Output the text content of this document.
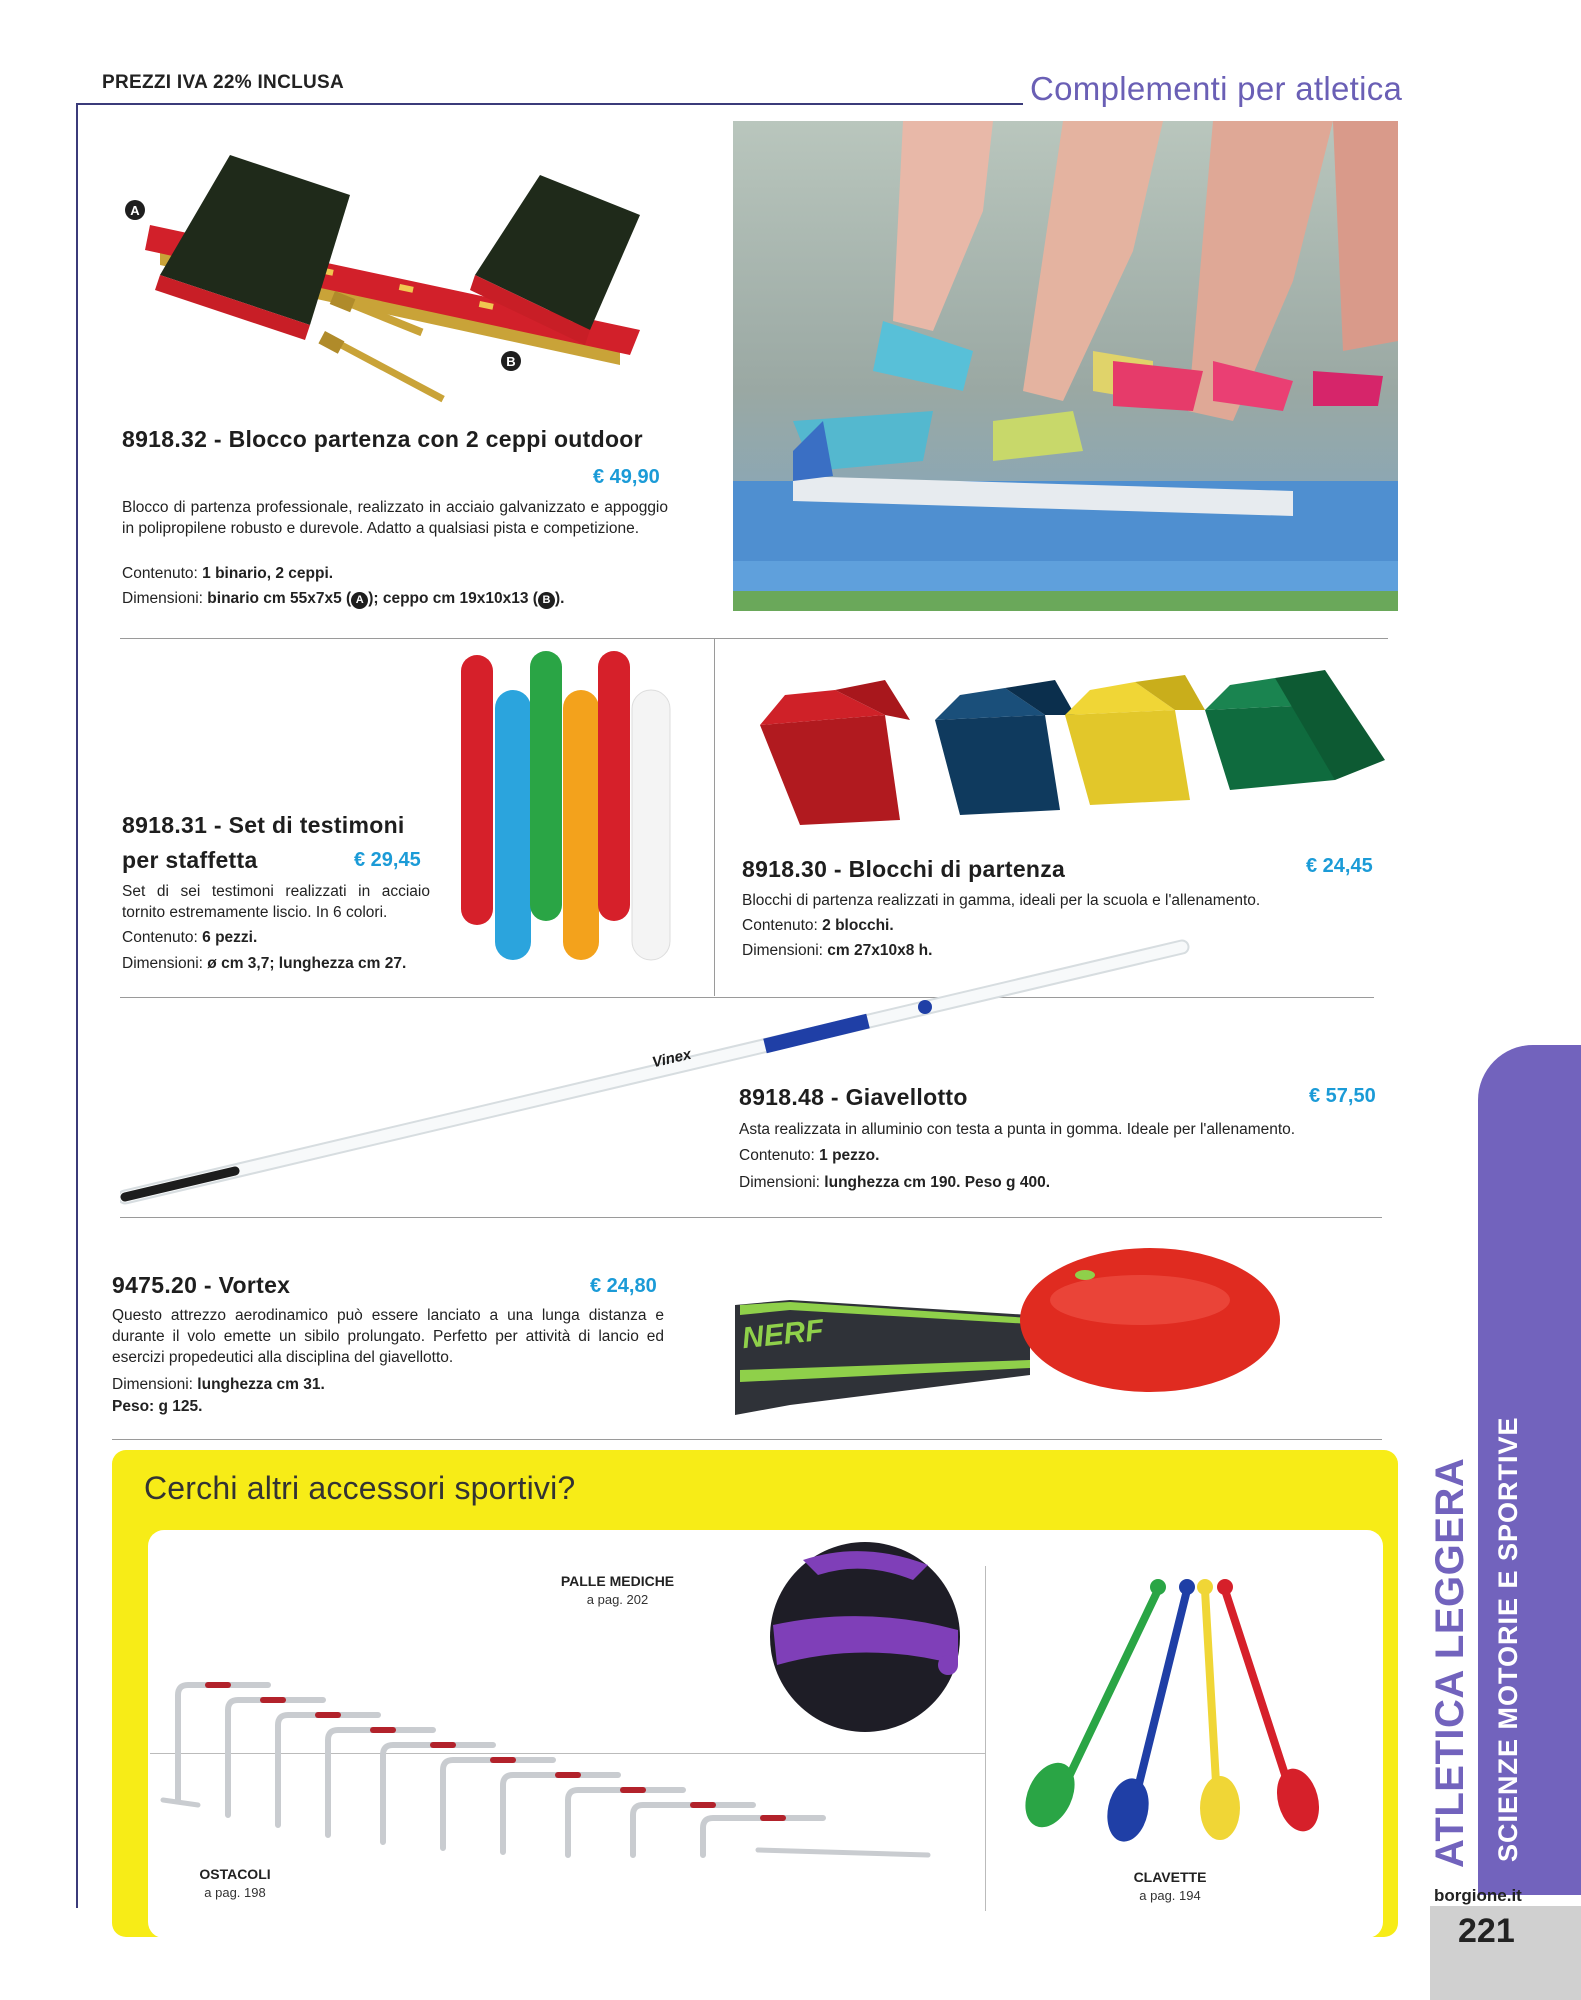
PREZZI IVA 22% INCLUSA	Complementi per atletica
A
B
8918.32 - Blocco partenza con 2 ceppi outdoor
€ 49,90
Blocco di partenza professionale, realizzato in acciaio galvanizzato e appoggio in polipropilene robusto e durevole. Adatto a qualsiasi pista e competizione.
Contenuto: 1 binario, 2 ceppi.
Dimensioni: binario cm 55x7x5 ( A ); ceppo cm 19x10x13 ( B ).
8918.31 - Set di testimoni
per staffetta	€ 29,45
Set di sei testimoni realizzati in acciaio tornito estremamente liscio. In 6 colori.
Contenuto: 6 pezzi.
Dimensioni: ø cm 3,7; lunghezza cm 27.
8918.30 - Blocchi di partenza	€ 24,45
Blocchi di partenza realizzati in gamma, ideali per la scuola e l'allenamento.
Contenuto: 2 blocchi.
Dimensioni: cm 27x10x8 h.
Vinex
8918.48 - Giavellotto	€ 57,50
Asta realizzata in alluminio con testa a punta in gomma. Ideale per l'allenamento.
Contenuto: 1 pezzo.
Dimensioni: lunghezza cm 190. Peso g 400.
9475.20 - Vortex	€ 24,80
Questo attrezzo aerodinamico può essere lanciato a una lunga distanza e durante il volo emette un sibilo prolungato. Perfetto per attività di lancio ed esercizi propedeutici alla disciplina del giavellotto.
Dimensioni: lunghezza cm 31.
Peso: g 125.
NERF
Cerchi altri accessori sportivi?
PALLE MEDICHE
a pag. 202
OSTACOLI
a pag. 198
CLAVETTE
a pag. 194
SCIENZE MOTORIE E SPORTIVE
ATLETICA LEGGERA
borgione.it
221
